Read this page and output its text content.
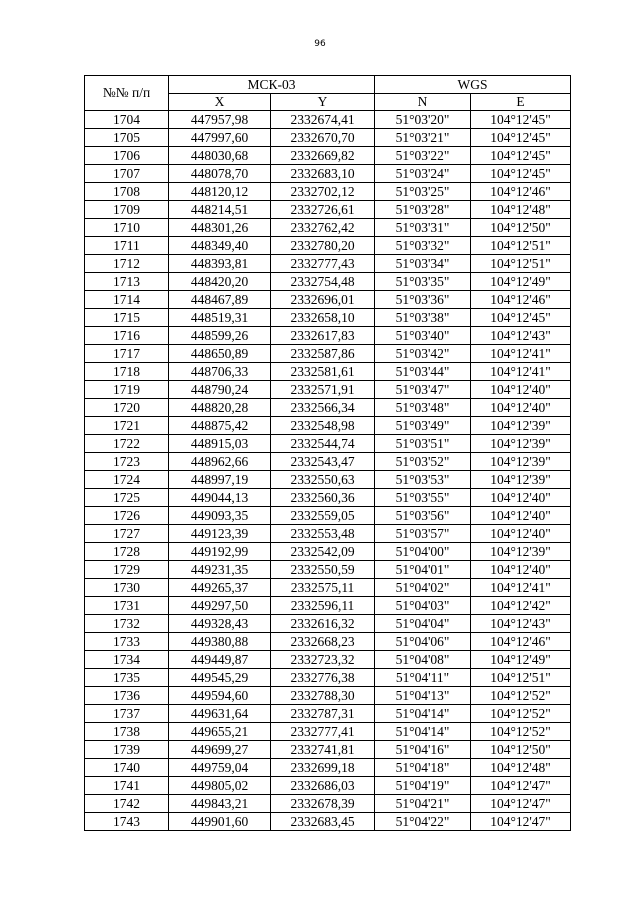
96
№№ п/п	МСК-03		WGS	
	X	Y	N	E
1704	447957,98	2332674,41	51°03'20"	104°12'45"
1705	447997,60	2332670,70	51°03'21"	104°12'45"
1706	448030,68	2332669,82	51°03'22"	104°12'45"
1707	448078,70	2332683,10	51°03'24"	104°12'45"
1708	448120,12	2332702,12	51°03'25"	104°12'46"
1709	448214,51	2332726,61	51°03'28"	104°12'48"
1710	448301,26	2332762,42	51°03'31"	104°12'50"
1711	448349,40	2332780,20	51°03'32"	104°12'51"
1712	448393,81	2332777,43	51°03'34"	104°12'51"
1713	448420,20	2332754,48	51°03'35"	104°12'49"
1714	448467,89	2332696,01	51°03'36"	104°12'46"
1715	448519,31	2332658,10	51°03'38"	104°12'45"
1716	448599,26	2332617,83	51°03'40"	104°12'43"
1717	448650,89	2332587,86	51°03'42"	104°12'41"
1718	448706,33	2332581,61	51°03'44"	104°12'41"
1719	448790,24	2332571,91	51°03'47"	104°12'40"
1720	448820,28	2332566,34	51°03'48"	104°12'40"
1721	448875,42	2332548,98	51°03'49"	104°12'39"
1722	448915,03	2332544,74	51°03'51"	104°12'39"
1723	448962,66	2332543,47	51°03'52"	104°12'39"
1724	448997,19	2332550,63	51°03'53"	104°12'39"
1725	449044,13	2332560,36	51°03'55"	104°12'40"
1726	449093,35	2332559,05	51°03'56"	104°12'40"
1727	449123,39	2332553,48	51°03'57"	104°12'40"
1728	449192,99	2332542,09	51°04'00"	104°12'39"
1729	449231,35	2332550,59	51°04'01"	104°12'40"
1730	449265,37	2332575,11	51°04'02"	104°12'41"
1731	449297,50	2332596,11	51°04'03"	104°12'42"
1732	449328,43	2332616,32	51°04'04"	104°12'43"
1733	449380,88	2332668,23	51°04'06"	104°12'46"
1734	449449,87	2332723,32	51°04'08"	104°12'49"
1735	449545,29	2332776,38	51°04'11"	104°12'51"
1736	449594,60	2332788,30	51°04'13"	104°12'52"
1737	449631,64	2332787,31	51°04'14"	104°12'52"
1738	449655,21	2332777,41	51°04'14"	104°12'52"
1739	449699,27	2332741,81	51°04'16"	104°12'50"
1740	449759,04	2332699,18	51°04'18"	104°12'48"
1741	449805,02	2332686,03	51°04'19"	104°12'47"
1742	449843,21	2332678,39	51°04'21"	104°12'47"
1743	449901,60	2332683,45	51°04'22"	104°12'47"
